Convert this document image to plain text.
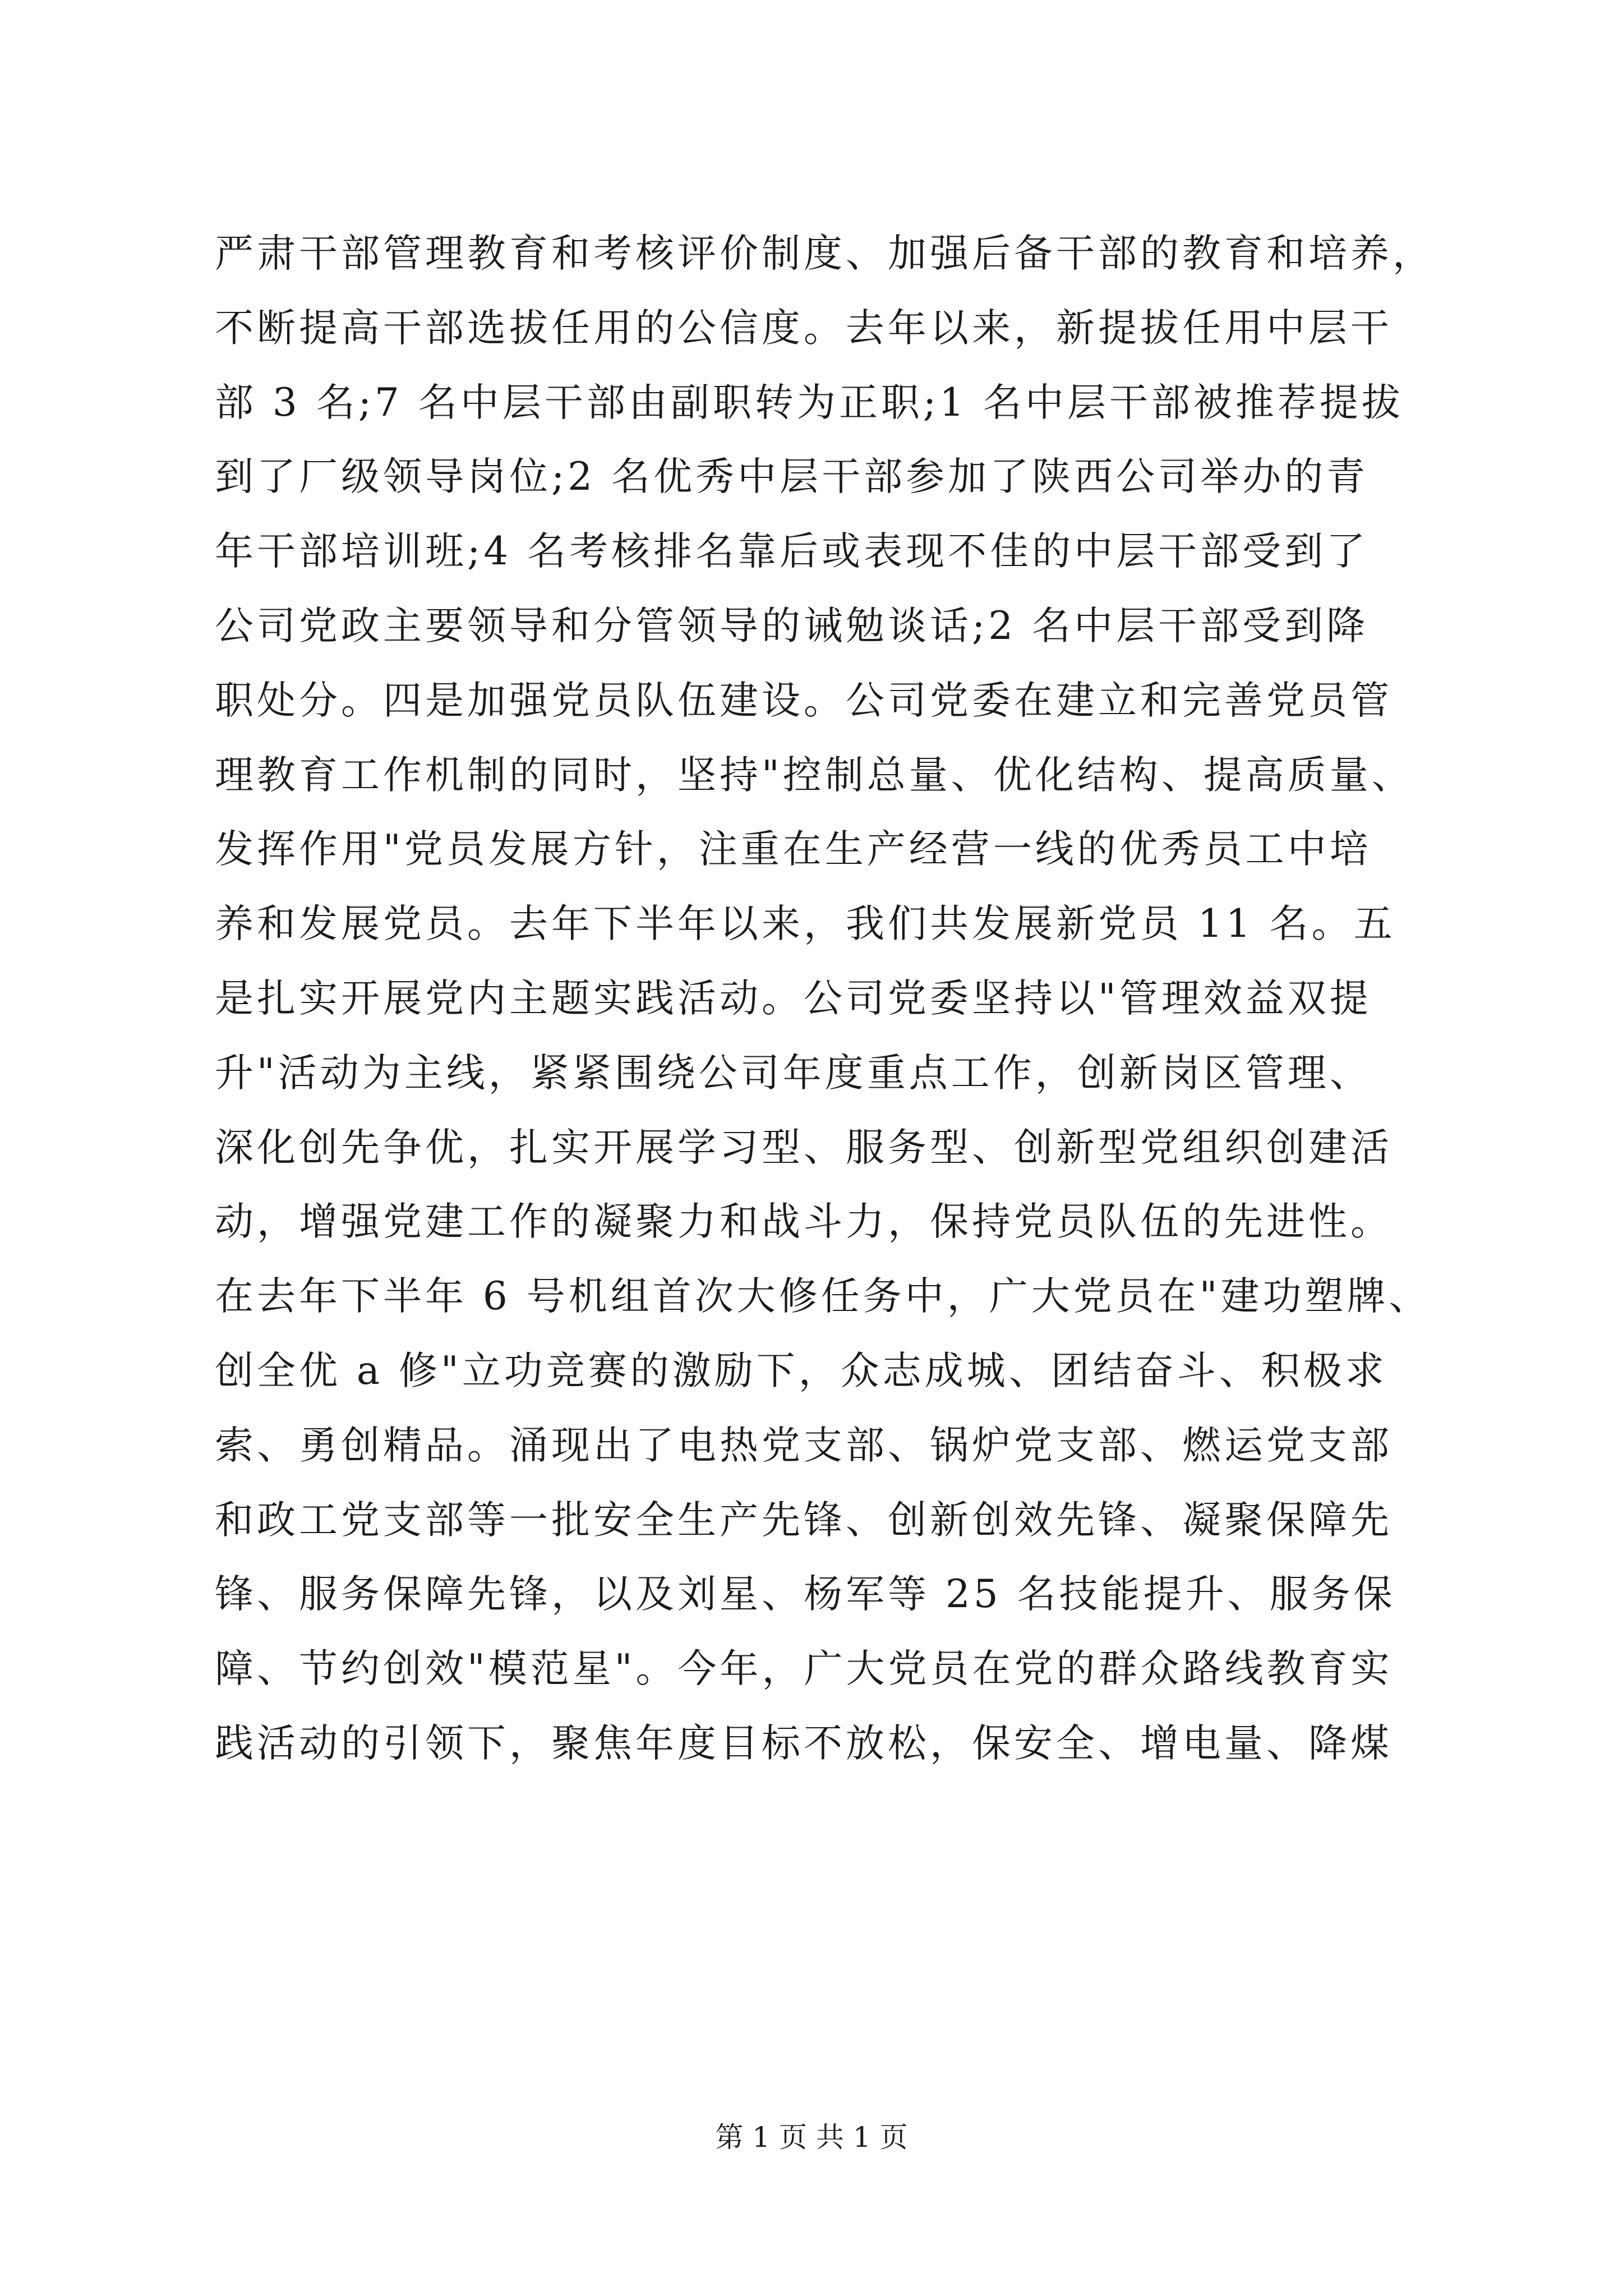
严肃干部管理教育和考核评价制度、加强后备干部的教育和培养，
不断提高干部选拔任用的公信度。去年以来，新提拔任用中层干
部 3 名;7 名中层干部由副职转为正职;1 名中层干部被推荐提拔
到了厂级领导岗位;2 名优秀中层干部参加了陕西公司举办的青
年干部培训班;4 名考核排名靠后或表现不佳的中层干部受到了
公司党政主要领导和分管领导的诫勉谈话;2 名中层干部受到降
职处分。四是加强党员队伍建设。公司党委在建立和完善党员管
理教育工作机制的同时，坚持"控制总量、优化结构、提高质量、
发挥作用"党员发展方针，注重在生产经营一线的优秀员工中培
养和发展党员。去年下半年以来，我们共发展新党员 11 名。五
是扎实开展党内主题实践活动。公司党委坚持以"管理效益双提
升"活动为主线，紧紧围绕公司年度重点工作，创新岗区管理、
深化创先争优，扎实开展学习型、服务型、创新型党组织创建活
动，增强党建工作的凝聚力和战斗力，保持党员队伍的先进性。
在去年下半年 6 号机组首次大修任务中，广大党员在"建功塑牌、
创全优 a 修"立功竞赛的激励下，众志成城、团结奋斗、积极求
索、勇创精品。涌现出了电热党支部、锅炉党支部、燃运党支部
和政工党支部等一批安全生产先锋、创新创效先锋、凝聚保障先
锋、服务保障先锋，以及刘星、杨军等 25 名技能提升、服务保
障、节约创效"模范星"。今年，广大党员在党的群众路线教育实
践活动的引领下，聚焦年度目标不放松，保安全、增电量、降煤
第 1 页 共 1 页
